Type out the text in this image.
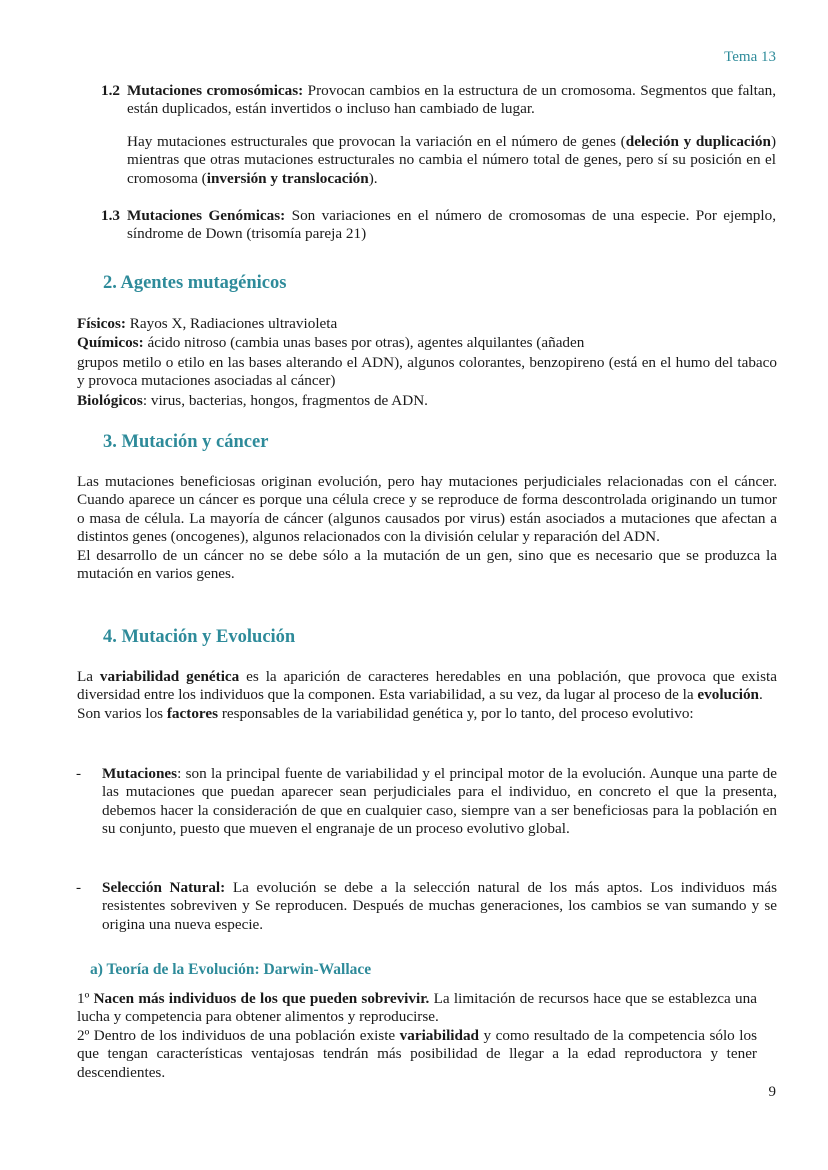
Tema 13

1.2 Mutaciones cromosómicas: Provocan cambios en la estructura de un cromosoma. Segmentos que faltan, están duplicados, están invertidos o incluso han cambiado de lugar.

Hay mutaciones estructurales que provocan la variación en el número de genes (deleción y duplicación) mientras que otras mutaciones estructurales no cambia el número total de genes, pero sí su posición en el cromosoma (inversión y translocación).

1.3 Mutaciones Genómicas: Son variaciones en el número de cromosomas de una especie. Por ejemplo, síndrome de Down (trisomía pareja 21)

2. Agentes mutagénicos

Físicos: Rayos X, Radiaciones ultravioleta

Químicos: ácido nitroso (cambia unas bases por otras), agentes alquilantes (añaden

grupos metilo o etilo en las bases alterando el ADN), algunos colorantes, benzopireno (está en el humo del tabaco y provoca mutaciones asociadas al cáncer)

Biológicos: virus, bacterias, hongos, fragmentos de ADN.

3. Mutación y cáncer

Las mutaciones beneficiosas originan evolución, pero hay mutaciones perjudiciales relacionadas con el cáncer. Cuando aparece un cáncer es porque una célula crece y se reproduce de forma descontrolada originando un tumor o masa de célula. La mayoría de cáncer (algunos causados por virus) están asociados a mutaciones que afectan a distintos genes (oncogenes), algunos relacionados con la división celular y reparación del ADN.

El desarrollo de un cáncer no se debe sólo a la mutación de un gen, sino que es necesario que se produzca la mutación en varios genes.

4. Mutación y Evolución

La variabilidad genética es la aparición de caracteres heredables en una población, que provoca que exista diversidad entre los individuos que la componen. Esta variabilidad, a su vez, da lugar al proceso de la evolución.

Son varios los factores responsables de la variabilidad genética y, por lo tanto, del proceso evolutivo:

- Mutaciones: son la principal fuente de variabilidad y el principal motor de la evolución. Aunque una parte de las mutaciones que puedan aparecer sean perjudiciales para el individuo, en concreto el que la presenta, debemos hacer la consideración de que en cualquier caso, siempre van a ser beneficiosas para la población en su conjunto, puesto que mueven el engranaje de un proceso evolutivo global.

- Selección Natural: La evolución se debe a la selección natural de los más aptos. Los individuos más resistentes sobreviven y Se reproducen. Después de muchas generaciones, los cambios se van sumando y se origina una nueva especie.

a) Teoría de la Evolución: Darwin-Wallace

1º Nacen más individuos de los que pueden sobrevivir. La limitación de recursos hace que se establezca una lucha y competencia para obtener alimentos y reproducirse.

2º Dentro de los individuos de una población existe variabilidad y como resultado de la competencia sólo los que tengan características ventajosas tendrán más posibilidad de llegar a la edad reproductora y tener descendientes.

9
